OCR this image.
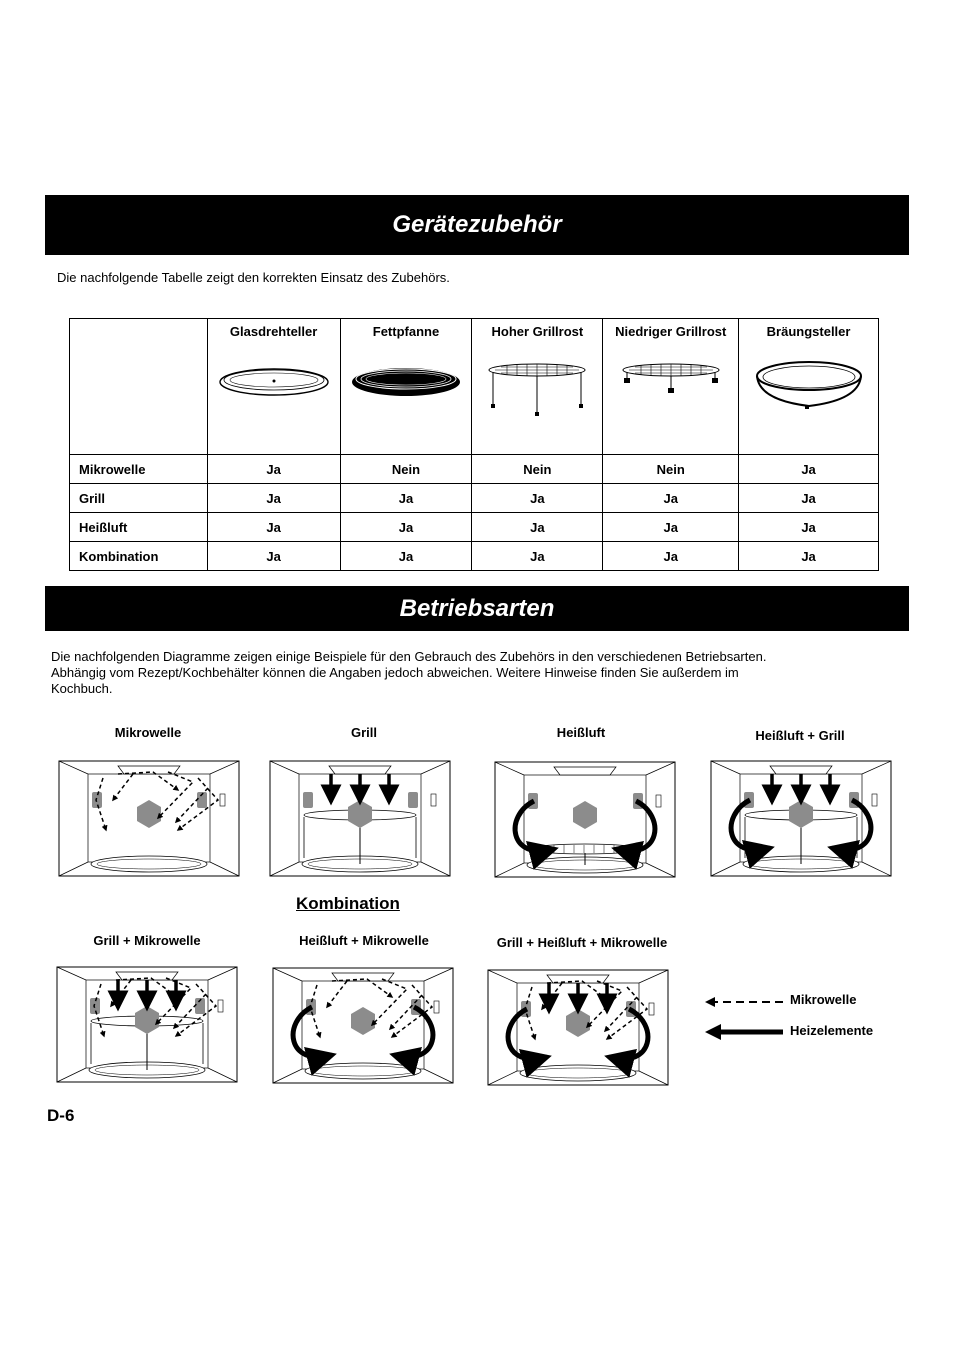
Gerätezubehör
Die nachfolgende Tabelle zeigt den korrekten Einsatz des Zubehörs.

	Glasdrehteller	Fettpfanne	Hoher Grillrost	Niedriger Grillrost	Bräungsteller

Mikrowelle	Ja	Nein	Nein	Nein	Ja
Grill	Ja	Ja	Ja	Ja	Ja
Heißluft	Ja	Ja	Ja	Ja	Ja
Kombination	Ja	Ja	Ja	Ja	Ja
Betriebsarten
Die nachfolgenden Diagramme zeigen einige Beispiele für den Gebrauch des Zubehörs in den verschiedenen Betriebsarten.
Abhängig vom Rezept/Kochbehälter können die Angaben jedoch abweichen. Weitere Hinweise finden Sie außerdem im
Kochbuch.
Mikrowelle	Grill	Heißluft	Heißluft + Grill
Kombination
Grill + Mikrowelle	Heißluft + Mikrowelle	Grill + Heißluft + Mikrowelle
Mikrowelle
Heizelemente
D-6
